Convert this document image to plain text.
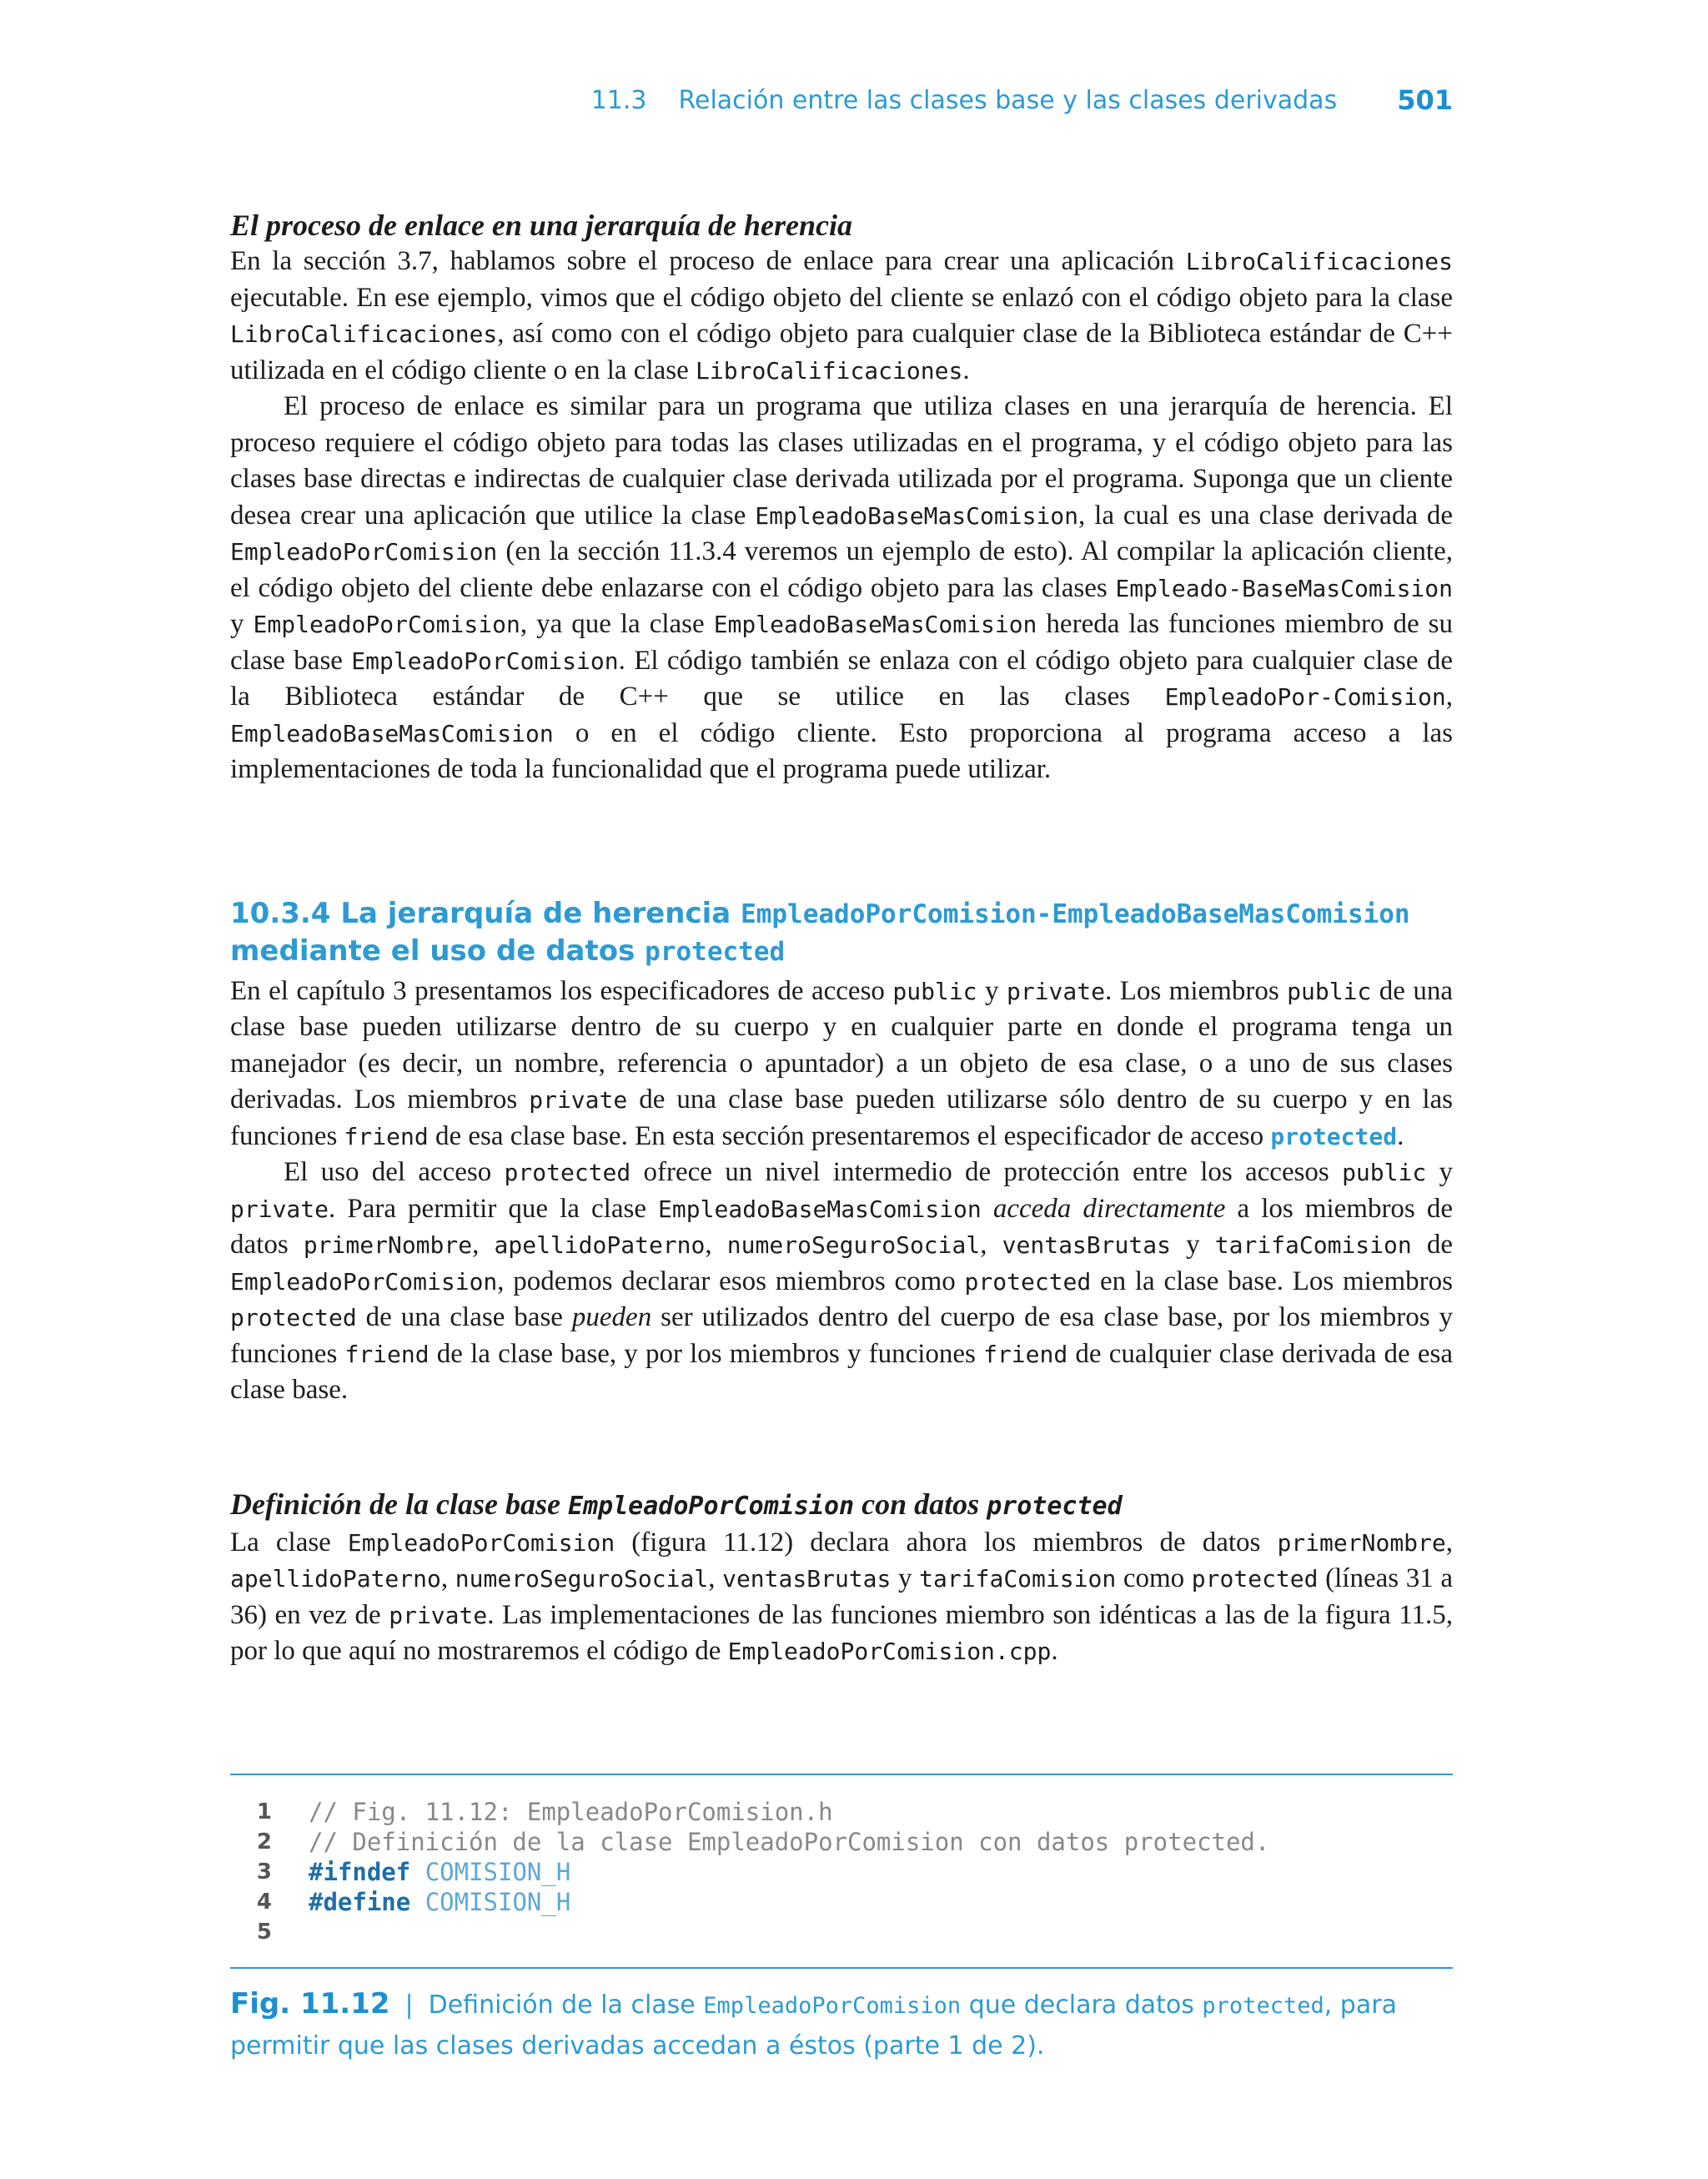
11.3 Relación entre las clases base y las clases derivadas 501

El proceso de enlace en una jerarquía de herencia

En la sección 3.7, hablamos sobre el proceso de enlace para crear una aplicación LibroCalificaciones ejecutable. En ese ejemplo, vimos que el código objeto del cliente se enlazó con el código objeto para la clase LibroCalificaciones, así como con el código objeto para cualquier clase de la Biblioteca estándar de C++ utilizada en el código cliente o en la clase LibroCalificaciones.

El proceso de enlace es similar para un programa que utiliza clases en una jerarquía de herencia. El proceso requiere el código objeto para todas las clases utilizadas en el programa, y el código objeto para las clases base directas e indirectas de cualquier clase derivada utilizada por el programa. Suponga que un cliente desea crear una aplicación que utilice la clase EmpleadoBaseMasComision, la cual es una clase derivada de EmpleadoPorComision (en la sección 11.3.4 veremos un ejemplo de esto). Al compilar la aplicación cliente, el código objeto del cliente debe enlazarse con el código objeto para las clases Empleado-BaseMasComision y EmpleadoPorComision, ya que la clase EmpleadoBaseMasComision hereda las funciones miembro de su clase base EmpleadoPorComision. El código también se enlaza con el código objeto para cualquier clase de la Biblioteca estándar de C++ que se utilice en las clases EmpleadoPor-Comision, EmpleadoBaseMasComision o en el código cliente. Esto proporciona al programa acceso a las implementaciones de toda la funcionalidad que el programa puede utilizar.

10.3.4 La jerarquía de herencia EmpleadoPorComision-EmpleadoBaseMasComision
mediante el uso de datos protected

En el capítulo 3 presentamos los especificadores de acceso public y private. Los miembros public de una clase base pueden utilizarse dentro de su cuerpo y en cualquier parte en donde el programa tenga un manejador (es decir, un nombre, referencia o apuntador) a un objeto de esa clase, o a uno de sus clases derivadas. Los miembros private de una clase base pueden utilizarse sólo dentro de su cuerpo y en las funciones friend de esa clase base. En esta sección presentaremos el especificador de acceso protected.

El uso del acceso protected ofrece un nivel intermedio de protección entre los accesos public y private. Para permitir que la clase EmpleadoBaseMasComision acceda directamente a los miembros de datos primerNombre, apellidoPaterno, numeroSeguroSocial, ventasBrutas y tarifaComision de EmpleadoPorComision, podemos declarar esos miembros como protected en la clase base. Los miembros protected de una clase base pueden ser utilizados dentro del cuerpo de esa clase base, por los miembros y funciones friend de la clase base, y por los miembros y funciones friend de cualquier clase derivada de esa clase base.

Definición de la clase base EmpleadoPorComision con datos protected

La clase EmpleadoPorComision (figura 11.12) declara ahora los miembros de datos primerNombre, apellidoPaterno, numeroSeguroSocial, ventasBrutas y tarifaComision como protected (líneas 31 a 36) en vez de private. Las implementaciones de las funciones miembro son idénticas a las de la figura 11.5, por lo que aquí no mostraremos el código de EmpleadoPorComision.cpp.

1 // Fig. 11.12: EmpleadoPorComision.h
2 // Definición de la clase EmpleadoPorComision con datos protected.
3 #ifndef COMISION_H
4 #define COMISION_H
5
Fig. 11.12 | Definición de la clase EmpleadoPorComision que declara datos protected, para permitir que las clases derivadas accedan a éstos (parte 1 de 2).
